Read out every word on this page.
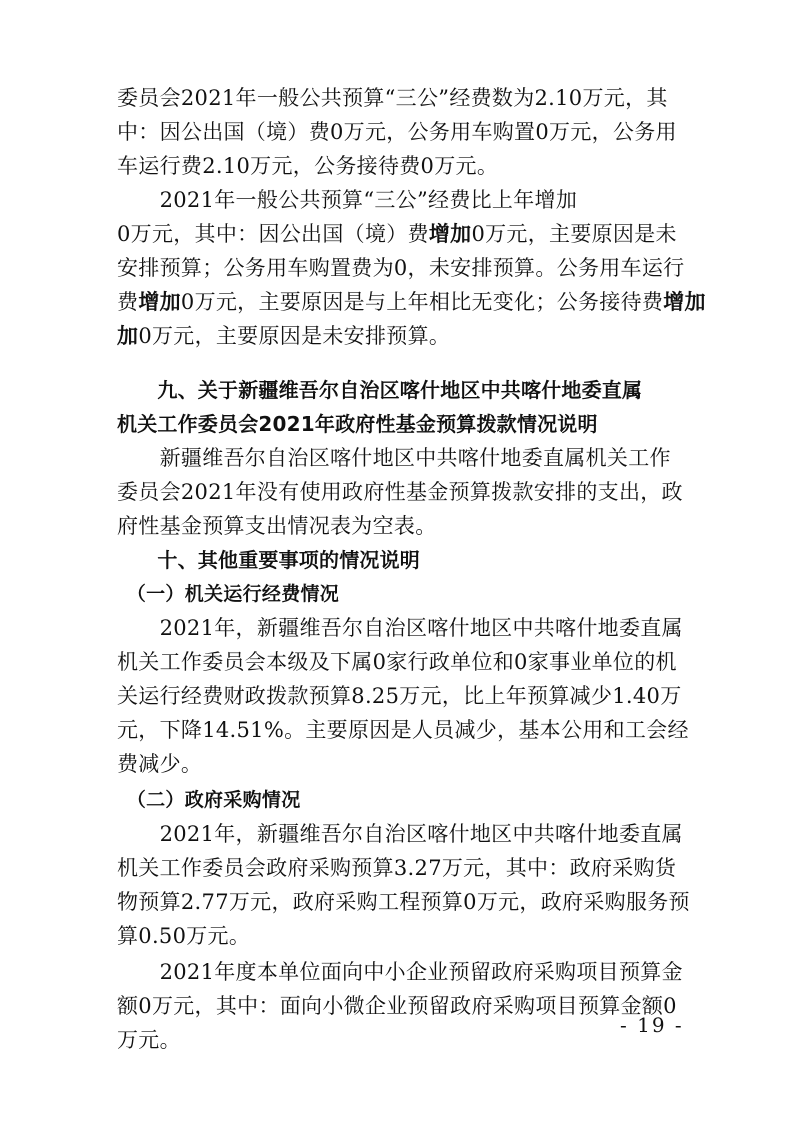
委员会2021年一般公共预算“三公”经费数为2.10万元，其
中：因公出国（境）费0万元，公务用车购置0万元，公务用
车运行费2.10万元，公务接待费0万元。
　　2021年一般公共预算“三公”经费比上年增加
0万元，其中：因公出国（境）费增加0万元，主要原因是未
安排预算；公务用车购置费为0，未安排预算。公务用车运行
费增加0万元，主要原因是与上年相比无变化；公务接待费增加
加0万元，主要原因是未安排预算。
　　九、关于新疆维吾尔自治区喀什地区中共喀什地委直属
机关工作委员会2021年政府性基金预算拨款情况说明
　　新疆维吾尔自治区喀什地区中共喀什地委直属机关工作
委员会2021年没有使用政府性基金预算拨款安排的支出，政
府性基金预算支出情况表为空表。
　　十、其他重要事项的情况说明
　（一）机关运行经费情况
　　2021年，新疆维吾尔自治区喀什地区中共喀什地委直属
机关工作委员会本级及下属0家行政单位和0家事业单位的机
关运行经费财政拨款预算8.25万元，比上年预算减少1.40万
元，下降14.51%。主要原因是人员减少，基本公用和工会经
费减少。
　（二）政府采购情况
　　2021年，新疆维吾尔自治区喀什地区中共喀什地委直属
机关工作委员会政府采购预算3.27万元，其中：政府采购货
物预算2.77万元，政府采购工程预算0万元，政府采购服务预
算0.50万元。
　　2021年度本单位面向中小企业预留政府采购项目预算金
额0万元，其中：面向小微企业预留政府采购项目预算金额0
万元。
- 19 -
